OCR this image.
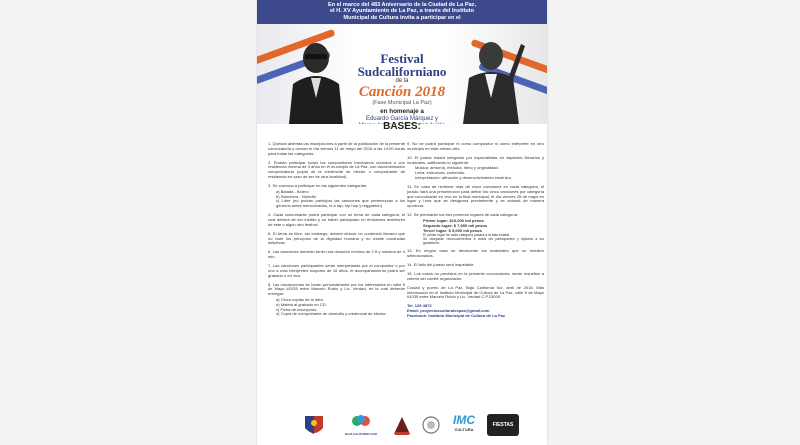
En el marco del 483 Aniversario de la Ciudad de La Paz,
el H. XV Ayuntamiento de La Paz, a través del Instituto
Municipal de Cultura invita a participar en el
Festival Sudcaliforniano
de la
Canción 2018
(Fase Municipal La Paz)
en homenaje a
Eduardo García Márquez y
BASES:

1. Quedan abiertas las inscripciones a partir de la publicación de la presente convocatoria y cierran el día viernes 11 de mayo del 2018 a las 14:00 horas para todas las categorías.

2. Podrán participar todos los compositores mexicanos oriundos o con residencia mínima de 3 años en el municipio de La Paz, con documentación comprobatoria (copia de la credencial de elector o comprobante de residencia en caso de ser de otra localidad).

3. Se convoca a participar en las siguientes categorías:

a) Balada - Bolero
b) Ranchera - Norteño
c) Libre (no podrán participar las canciones que pertenezcan a los géneros antes mencionados, ni a rap, hip hop y reggaetón)

4. Cada concursante podrá participar con un tema de cada categoría, el cual deberá de ser inédito y no haber participado en emisiones anteriores de éste o algún otro festival.

5. El tema es libre, sin embargo, deberá ofrecer un contenido literario que no viole los principios de la dignidad humana y no exalte conductas delictivas.

6. Las canciones deberán tener una duración mínima de 2.5 y máxima de 4 min.

7. Las canciones participantes serán interpretadas por el compositor o por uno a más intérpretes mayores de 16 años, el acompañamiento podrá ser grabado o en vivo.

8. Las inscripciones se harán personalmente por los interesados en calle 5 de Mayo #1035 entre Marcelo Rubio y Lic. Verdad, en la cual deberán entregar:

a) Cinco copias de la letra.
b) Maleta al grabado en CD.
c) Ficha de inscripción.
d) Copia de comprobante de domicilio y credencial de elector.

9. No se podrá participar ni como compositor ni como intérprete en otro municipio en este mismo año.

10. El jurado estará integrado por especialistas en aspectos literarios y musicales, calificando lo siguiente:

Música: armonía, melodía, ritmo y originalidad.
Letra: estructura, contenido.
Interpretación: afinación y desenvolvimiento escénico.

11. En caso de recibirse más de cinco canciones en cada categoría, el jurado hará una preselección para definir los cinco canciones por categoría que concursarán en vivo en la final municipal, el día viernes 25 de mayo en lugar y hora que se designará previamente y se avisará de manera oportuna.

12. Se premiarán los tres primeros lugares de cada categoría:

Primer lugar: $10,000 mil pesos
Segundo lugar: $ 7,500 mil pesos
Tercer lugar: $ 5,000 mil pesos
El primer lugar de cada categoría pasará a la fase estatal.
Se otorgarán reconocimientos a todos los participantes y diploma a los ganadores.

13. En ningún caso se devolverán los materiales que no resulten seleccionados.

14. El fallo del jurado será inapelable.

15. Los casos no previstos en la presente convocatoria, serán resueltos a criterio del comité organizador.

Ciudad y puerto de La Paz, Baja California Sur, abril de 2018. Más información en el Instituto Municipal de Cultura de La Paz, calle 5 de Mayo #1035 entre Marcelo Rubio y Lic. Verdad C.P.23000.

Tel. 129 4872
Email: proyectosculturalespaz@gmail.com
Facebook: Instituto Municipal de Cultura de La Paz
BAJA CALIFORNIA SUR
IMC
CULTURA
FIESTAS
